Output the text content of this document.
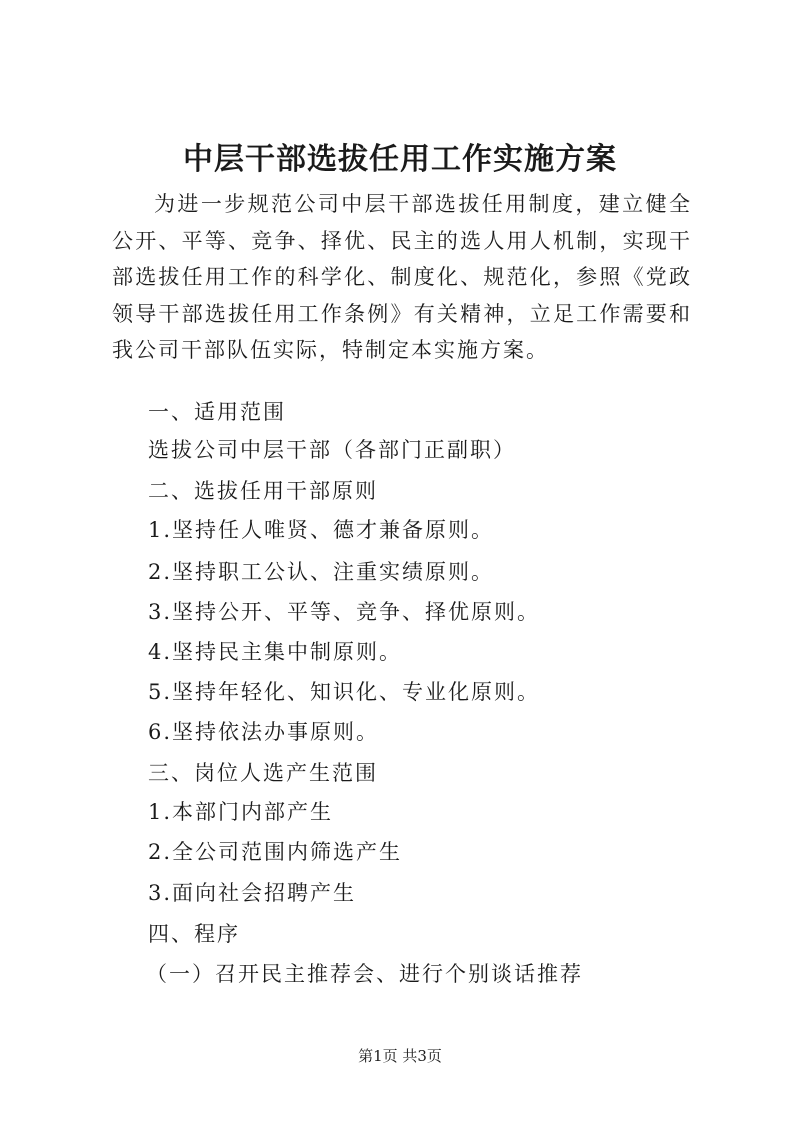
中层干部选拔任用工作实施方案

为进一步规范公司中层干部选拔任用制度，建立健全公开、平等、竞争、择优、民主的选人用人机制，实现干部选拔任用工作的科学化、制度化、规范化，参照《党政领导干部选拔任用工作条例》有关精神，立足工作需要和我公司干部队伍实际，特制定本实施方案。

一、适用范围

选拔公司中层干部（各部门正副职）

二、选拔任用干部原则

1.坚持任人唯贤、德才兼备原则。

2.坚持职工公认、注重实绩原则。

3.坚持公开、平等、竞争、择优原则。

4.坚持民主集中制原则。

5.坚持年轻化、知识化、专业化原则。

6.坚持依法办事原则。

三、岗位人选产生范围

1.本部门内部产生

2.全公司范围内筛选产生

3.面向社会招聘产生

四、程序

（一）召开民主推荐会、进行个别谈话推荐

第1页 共3页
